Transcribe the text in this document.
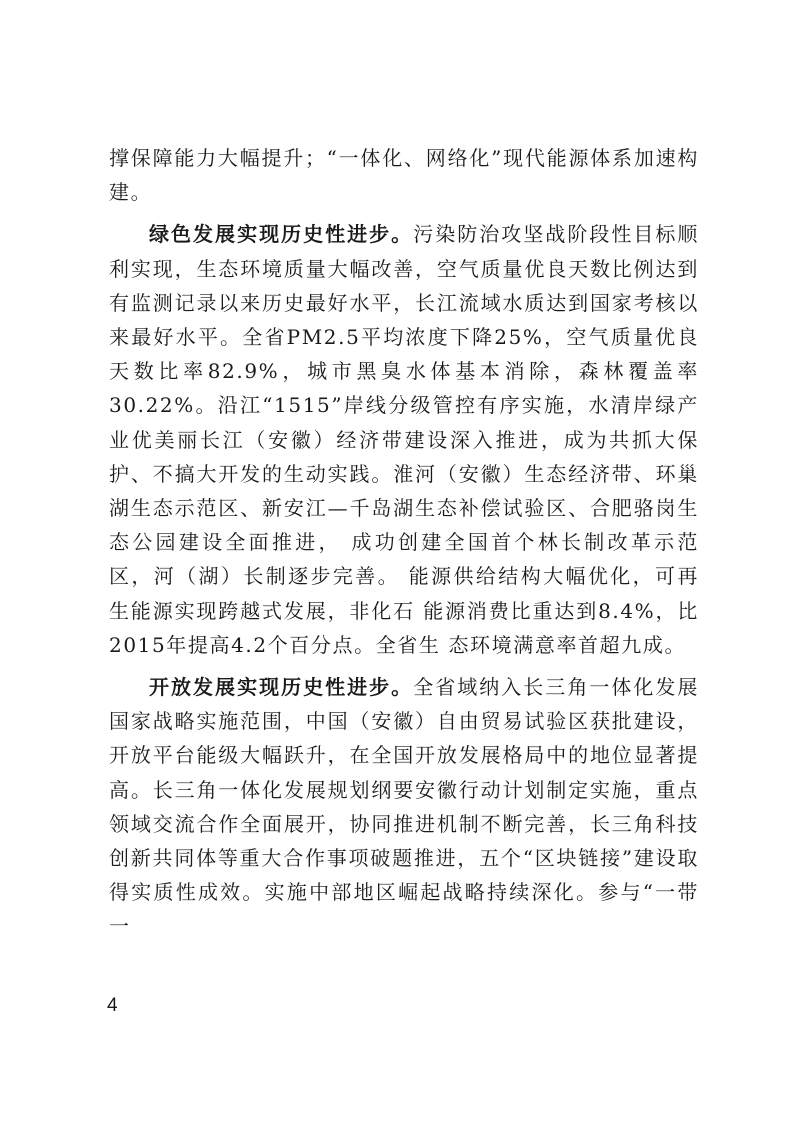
撑保障能力大幅提升；“一体化、网络化”现代能源体系加速构建。

绿色发展实现历史性进步。污染防治攻坚战阶段性目标顺利实现，生态环境质量大幅改善，空气质量优良天数比例达到有监测记录以来历史最好水平，长江流域水质达到国家考核以来最好水平。全省PM2.5平均浓度下降25%，空气质量优良天数比率82.9%，城市黑臭水体基本消除，森林覆盖率30.22%。沿江“1515”岸线分级管控有序实施，水清岸绿产业优美丽长江（安徽）经济带建设深入推进，成为共抓大保护、不搞大开发的生动实践。淮河（安徽）生态经济带、环巢湖生态示范区、新安江—千岛湖生态补偿试验区、合肥骆岗生态公园建设全面推进， 成功创建全国首个林长制改革示范区，河（湖）长制逐步完善。 能源供给结构大幅优化，可再生能源实现跨越式发展，非化石 能源消费比重达到8.4%，比2015年提高4.2个百分点。全省生 态环境满意率首超九成。

开放发展实现历史性进步。全省域纳入长三角一体化发展国家战略实施范围，中国（安徽）自由贸易试验区获批建设， 开放平台能级大幅跃升，在全国开放发展格局中的地位显著提 高。长三角一体化发展规划纲要安徽行动计划制定实施，重点 领域交流合作全面展开，协同推进机制不断完善，长三角科技 创新共同体等重大合作事项破题推进，五个“区块链接”建设取 得实质性成效。实施中部地区崛起战略持续深化。参与“一带一

4
